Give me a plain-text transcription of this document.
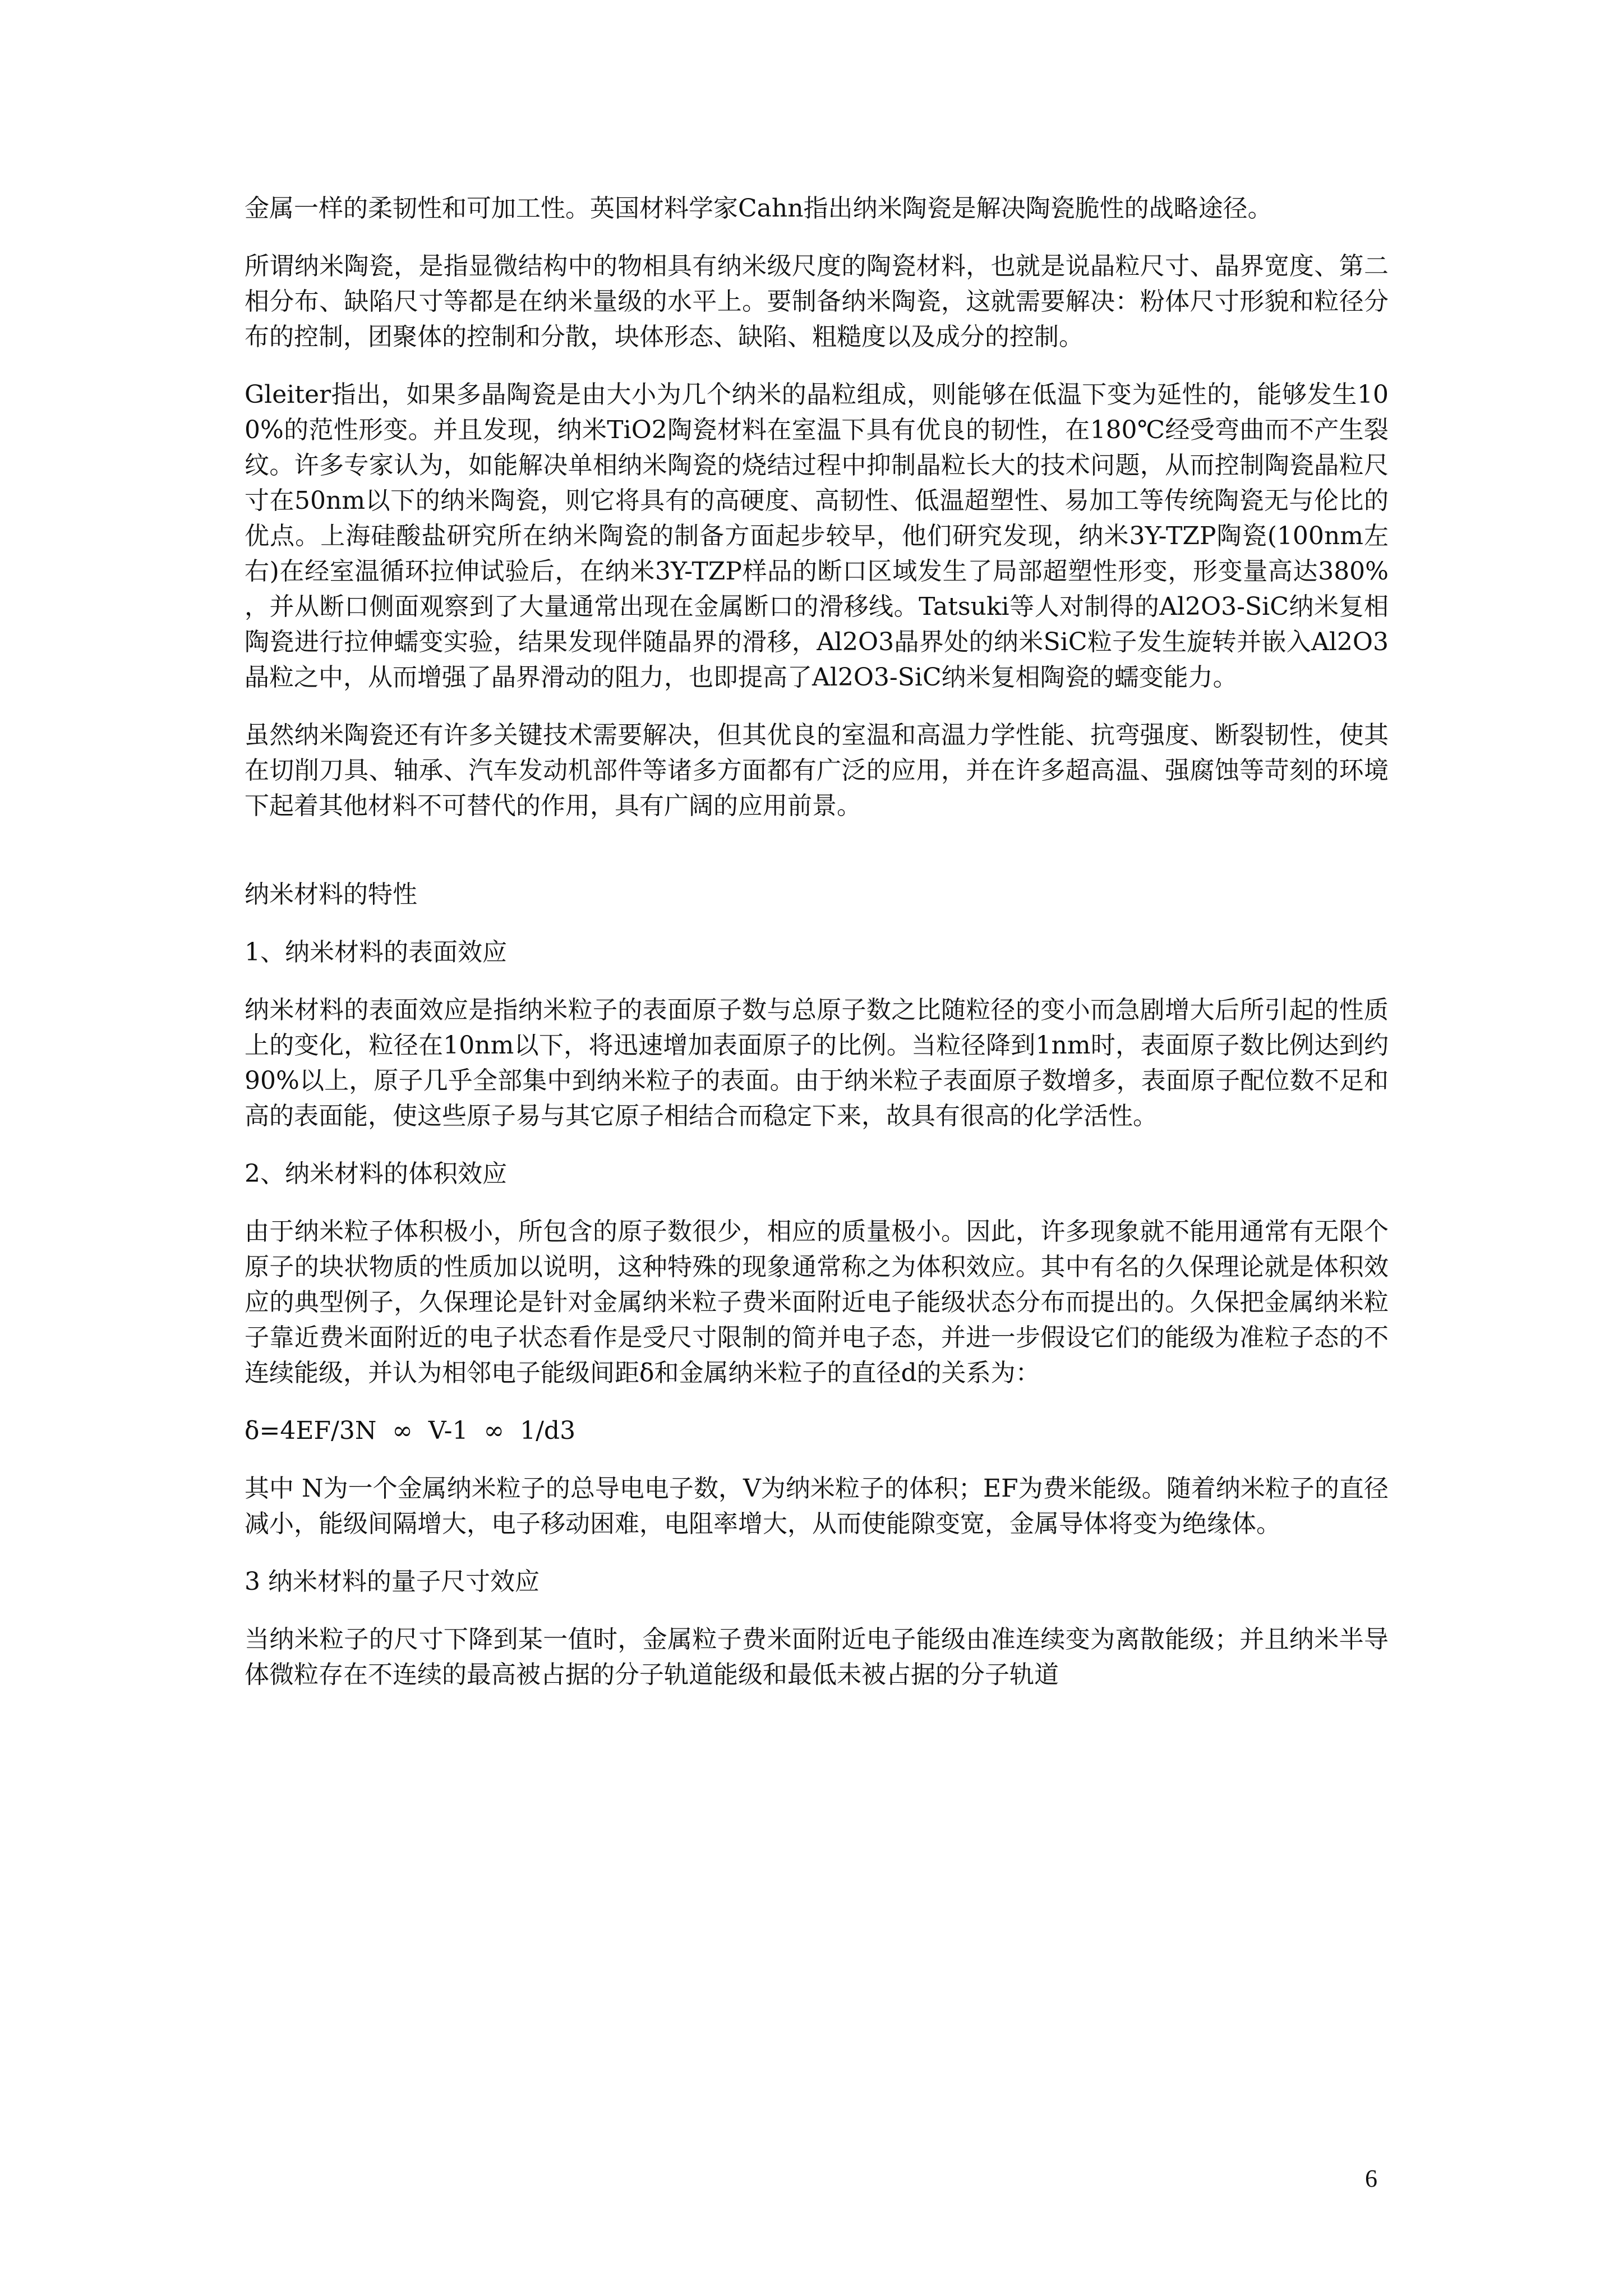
金属一样的柔韧性和可加工性。英国材料学家Cahn指出纳米陶瓷是解决陶瓷脆性的战略途径。

所谓纳米陶瓷，是指显微结构中的物相具有纳米级尺度的陶瓷材料，也就是说晶粒尺寸、晶界宽度、第二相分布、缺陷尺寸等都是在纳米量级的水平上。要制备纳米陶瓷，这就需要解决：粉体尺寸形貌和粒径分布的控制，团聚体的控制和分散，块体形态、缺陷、粗糙度以及成分的控制。

Gleiter指出，如果多晶陶瓷是由大小为几个纳米的晶粒组成，则能够在低温下变为延性的，能够发生100%的范性形变。并且发现，纳米TiO2陶瓷材料在室温下具有优良的韧性，在180℃经受弯曲而不产生裂纹。许多专家认为，如能解决单相纳米陶瓷的烧结过程中抑制晶粒长大的技术问题，从而控制陶瓷晶粒尺寸在50nm以下的纳米陶瓷，则它将具有的高硬度、高韧性、低温超塑性、易加工等传统陶瓷无与伦比的优点。上海硅酸盐研究所在纳米陶瓷的制备方面起步较早，他们研究发现，纳米3Y-TZP陶瓷(100nm左右)在经室温循环拉伸试验后，在纳米3Y-TZP样品的断口区域发生了局部超塑性形变，形变量高达380%，并从断口侧面观察到了大量通常出现在金属断口的滑移线。Tatsuki等人对制得的Al2O3-SiC纳米复相陶瓷进行拉伸蠕变实验，结果发现伴随晶界的滑移，Al2O3晶界处的纳米SiC粒子发生旋转并嵌入Al2O3晶粒之中，从而增强了晶界滑动的阻力，也即提高了Al2O3-SiC纳米复相陶瓷的蠕变能力。

虽然纳米陶瓷还有许多关键技术需要解决，但其优良的室温和高温力学性能、抗弯强度、断裂韧性，使其在切削刀具、轴承、汽车发动机部件等诸多方面都有广泛的应用，并在许多超高温、强腐蚀等苛刻的环境下起着其他材料不可替代的作用，具有广阔的应用前景。

纳米材料的特性

1、纳米材料的表面效应

纳米材料的表面效应是指纳米粒子的表面原子数与总原子数之比随粒径的变小而急剧增大后所引起的性质上的变化，粒径在10nm以下，将迅速增加表面原子的比例。当粒径降到1nm时，表面原子数比例达到约90%以上，原子几乎全部集中到纳米粒子的表面。由于纳米粒子表面原子数增多，表面原子配位数不足和高的表面能，使这些原子易与其它原子相结合而稳定下来，故具有很高的化学活性。

2、纳米材料的体积效应

由于纳米粒子体积极小，所包含的原子数很少，相应的质量极小。因此，许多现象就不能用通常有无限个原子的块状物质的性质加以说明，这种特殊的现象通常称之为体积效应。其中有名的久保理论就是体积效应的典型例子，久保理论是针对金属纳米粒子费米面附近电子能级状态分布而提出的。久保把金属纳米粒子靠近费米面附近的电子状态看作是受尺寸限制的简并电子态，并进一步假设它们的能级为准粒子态的不连续能级，并认为相邻电子能级间距δ和金属纳米粒子的直径d的关系为：

δ=4EF/3N  ∞  V-1  ∞  1/d3

其中 N为一个金属纳米粒子的总导电电子数，V为纳米粒子的体积；EF为费米能级。随着纳米粒子的直径减小，能级间隔增大，电子移动困难，电阻率增大，从而使能隙变宽，金属导体将变为绝缘体。

3 纳米材料的量子尺寸效应

当纳米粒子的尺寸下降到某一值时，金属粒子费米面附近电子能级由准连续变为离散能级；并且纳米半导体微粒存在不连续的最高被占据的分子轨道能级和最低未被占据的分子轨道

6
